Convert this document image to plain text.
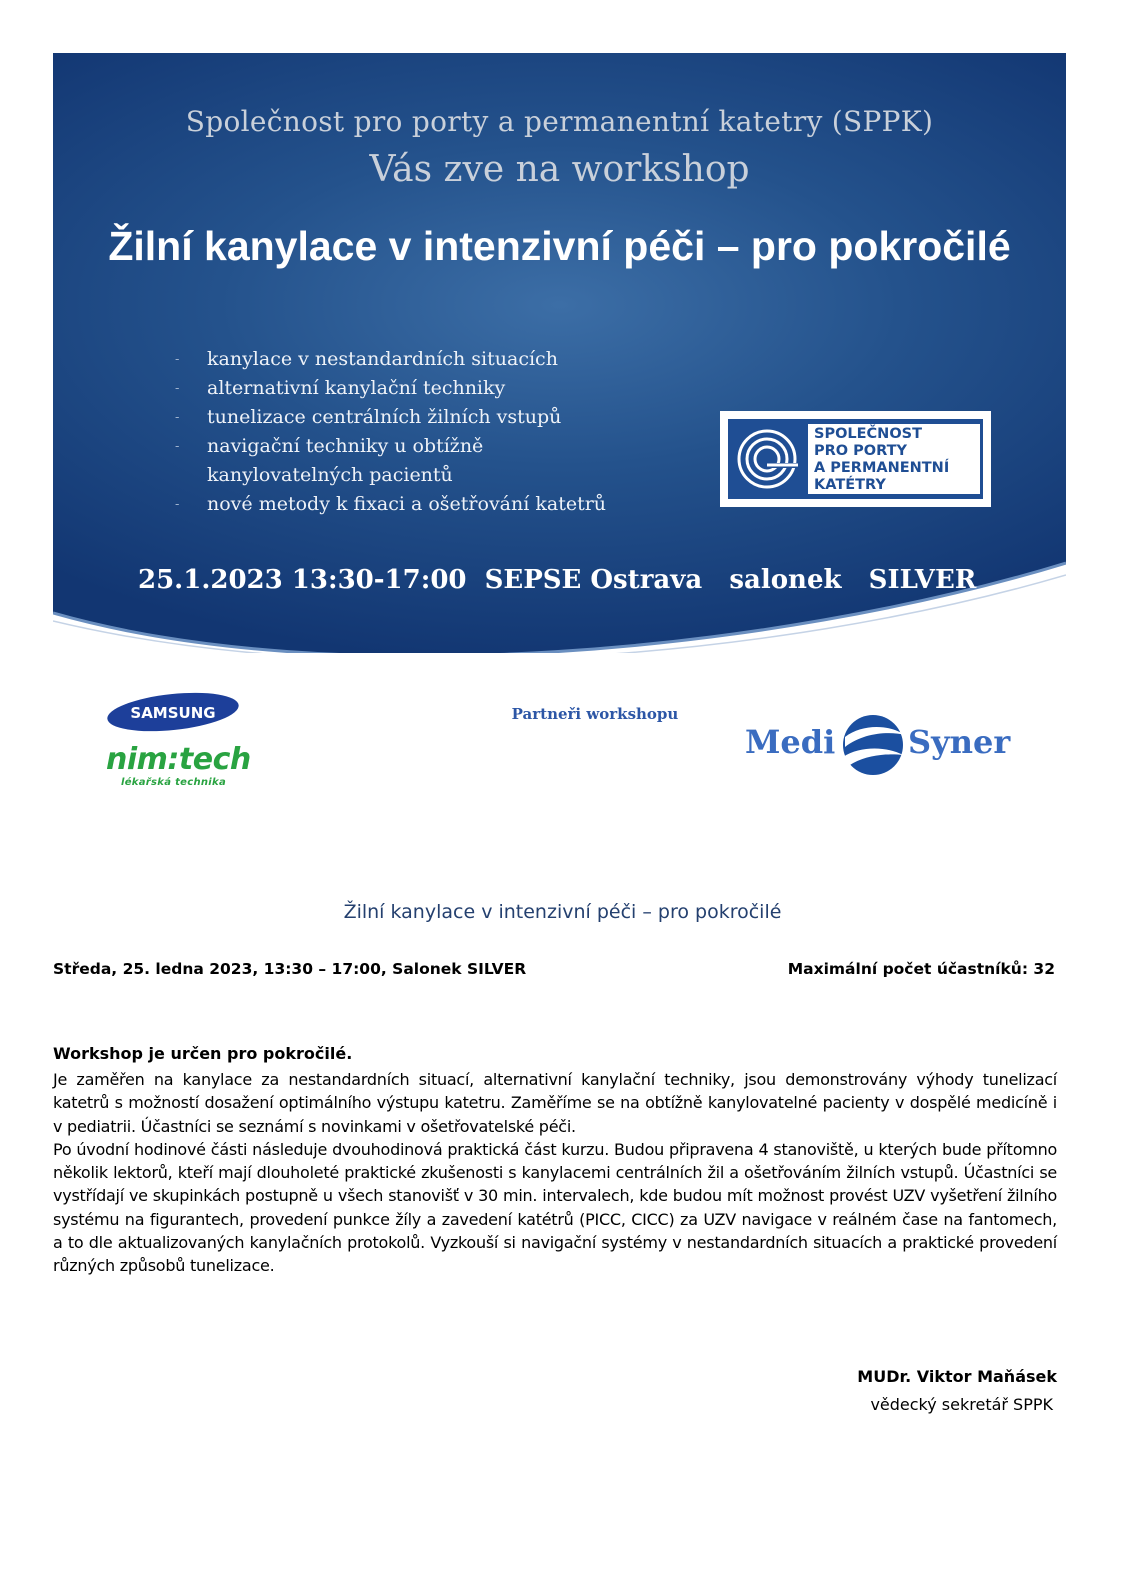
Společnost pro porty a permanentní katetry (SPPK)
Vás zve na workshop
Žilní kanylace v intenzivní péči – pro pokročilé
- kanylace v nestandardních situacích
- alternativní kanylační techniky
- tunelizace centrálních žilních vstupů
- navigační techniky u obtížně kanylovatelných pacientů
- nové metody k fixaci a ošetřování katetrů
SPOLEČNOST
PRO PORTY
A PERMANENTNÍ
KATÉTRY
25.1.2023 13:30-17:00  SEPSE Ostrava   salonek   SILVER
Partneři workshopu
SAMSUNG
nim:tech
lékařská technika
Medi Syner
Žilní kanylace v intenzivní péči – pro pokročilé
Středa, 25. ledna 2023, 13:30 – 17:00, Salonek SILVER	Maximální počet účastníků: 32
Workshop je určen pro pokročilé.

Je zaměřen na kanylace za nestandardních situací, alternativní kanylační techniky, jsou demonstrovány výhody tunelizací katetrů s možností dosažení optimálního výstupu katetru. Zaměříme se na obtížně kanylovatelné pacienty v dospělé medicíně i v pediatrii. Účastníci se seznámí s novinkami v ošetřovatelské péči.
Po úvodní hodinové části následuje dvouhodinová praktická část kurzu. Budou připravena 4 stanoviště, u kterých bude přítomno několik lektorů, kteří mají dlouholeté praktické zkušenosti s kanylacemi centrálních žil a ošetřováním žilních vstupů. Účastníci se vystřídají ve skupinkách postupně u všech stanovišť v 30 min. intervalech, kde budou mít možnost provést UZV vyšetření žilního systému na figurantech, provedení punkce žíly a zavedení katétrů (PICC, CICC) za UZV navigace v reálném čase na fantomech, a to dle aktualizovaných kanylačních protokolů. Vyzkouší si navigační systémy v nestandardních situacích a praktické provedení různých způsobů tunelizace.

MUDr. Viktor Maňásek
vědecký sekretář SPPK
